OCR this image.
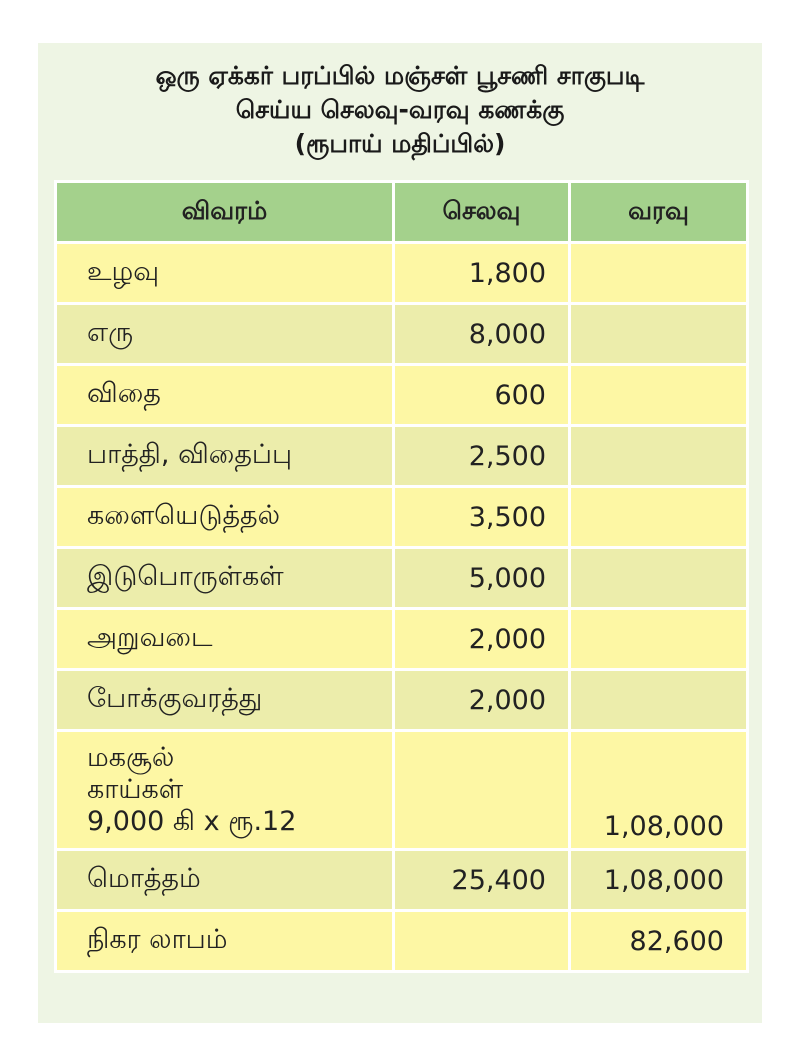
ஒரு ஏக்கர் பரப்பில் மஞ்சள் பூசணி சாகுபடி
செய்ய செலவு-வரவு கணக்கு
(ரூபாய் மதிப்பில்)
விவரம்	செலவு	வரவு
உழவு	1,800	
எரு	8,000	
விதை	600	
பாத்தி, விதைப்பு	2,500	
களையெடுத்தல்	3,500	
இடுபொருள்கள்	5,000	
அறுவடை	2,000	
போக்குவரத்து	2,000	

மகசூல்
காய்கள்
9,000 கி x ரூ.12		1,08,000
மொத்தம்	25,400	1,08,000
நிகர லாபம்		82,600
